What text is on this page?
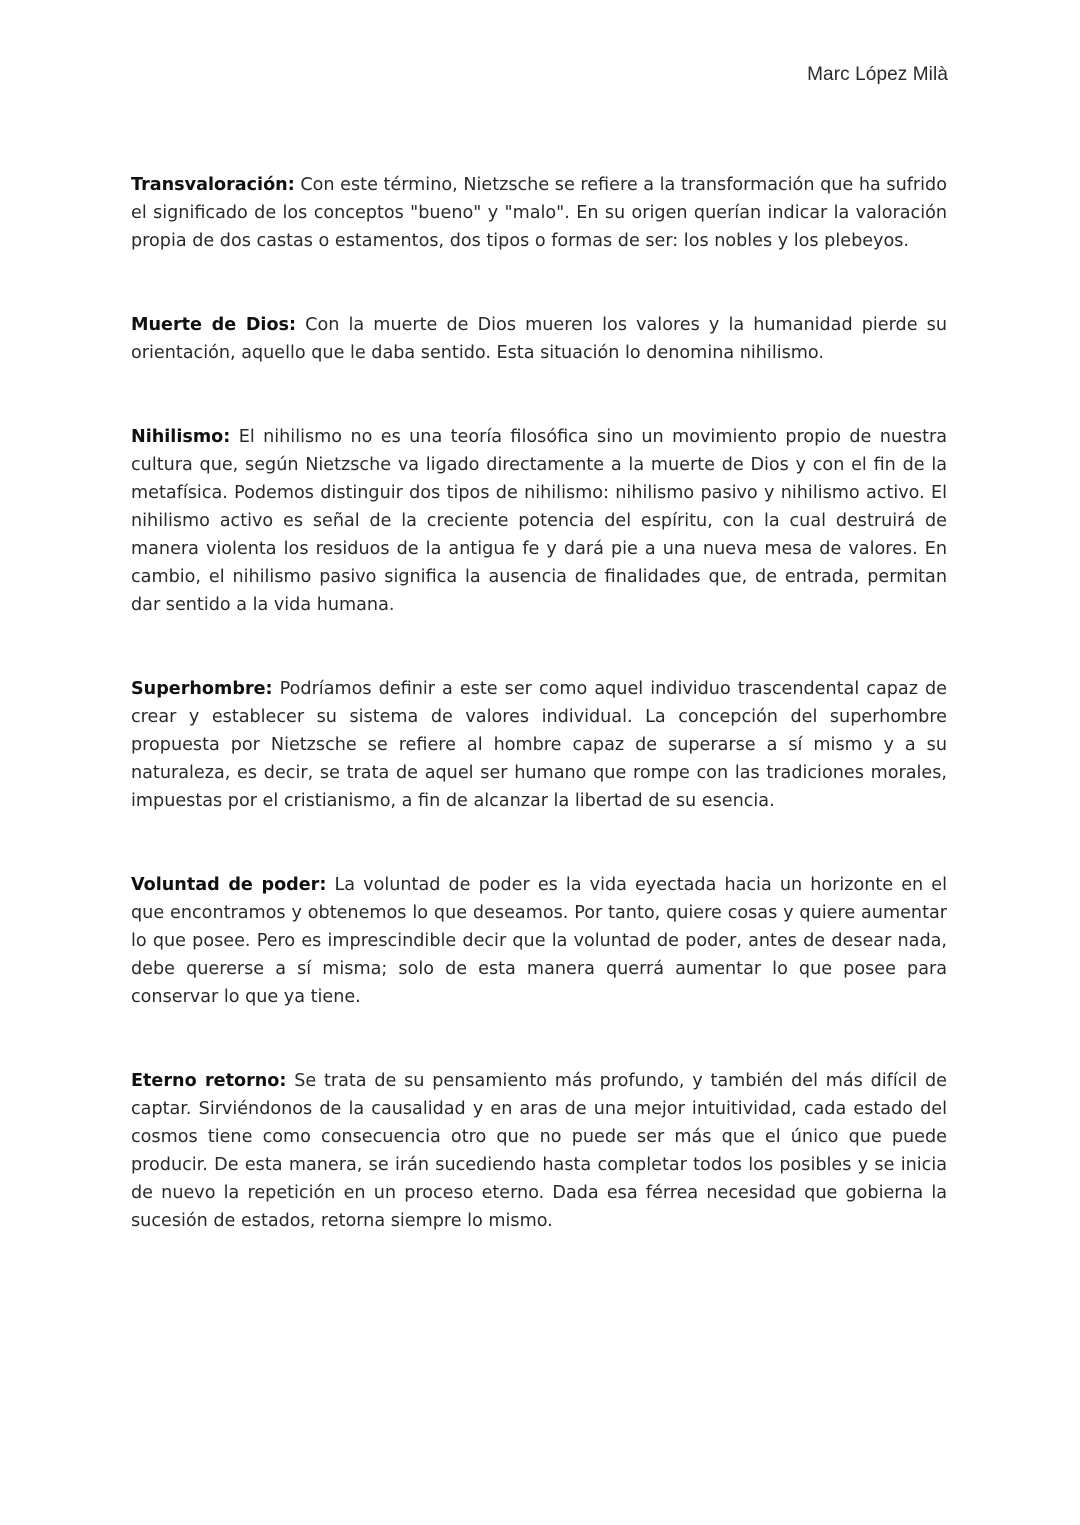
Marc López Milà

Transvaloración: Con este término, Nietzsche se refiere a la transformación que ha sufrido el significado de los conceptos "bueno" y "malo". En su origen querían indicar la valoración propia de dos castas o estamentos, dos tipos o formas de ser: los nobles y los plebeyos.

Muerte de Dios: Con la muerte de Dios mueren los valores y la humanidad pierde su orientación, aquello que le daba sentido. Esta situación lo denomina nihilismo.

Nihilismo: El nihilismo no es una teoría filosófica sino un movimiento propio de nuestra cultura que, según Nietzsche va ligado directamente a la muerte de Dios y con el fin de la metafísica. Podemos distinguir dos tipos de nihilismo: nihilismo pasivo y nihilismo activo. El nihilismo activo es señal de la creciente potencia del espíritu, con la cual destruirá de manera violenta los residuos de la antigua fe y dará pie a una nueva mesa de valores. En cambio, el nihilismo pasivo significa la ausencia de finalidades que, de entrada, permitan dar sentido a la vida humana.

Superhombre: Podríamos definir a este ser como aquel individuo trascendental capaz de crear y establecer su sistema de valores individual. La concepción del superhombre propuesta por Nietzsche se refiere al hombre capaz de superarse a sí mismo y a su naturaleza, es decir, se trata de aquel ser humano que rompe con las tradiciones morales, impuestas por el cristianismo, a fin de alcanzar la libertad de su esencia.

Voluntad de poder: La voluntad de poder es la vida eyectada hacia un horizonte en el que encontramos y obtenemos lo que deseamos. Por tanto, quiere cosas y quiere aumentar lo que posee. Pero es imprescindible decir que la voluntad de poder, antes de desear nada, debe quererse a sí misma; solo de esta manera querrá aumentar lo que posee para conservar lo que ya tiene.

Eterno retorno: Se trata de su pensamiento más profundo, y también del más difícil de captar. Sirviéndonos de la causalidad y en aras de una mejor intuitividad, cada estado del cosmos tiene como consecuencia otro que no puede ser más que el único que puede producir. De esta manera, se irán sucediendo hasta completar todos los posibles y se inicia de nuevo la repetición en un proceso eterno. Dada esa férrea necesidad que gobierna la sucesión de estados, retorna siempre lo mismo.
